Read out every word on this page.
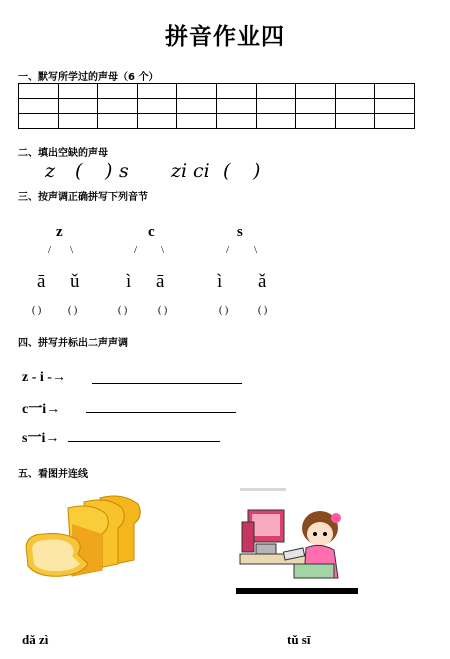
拼音作业四
一、默写所学过的声母（6 个）

二、填出空缺的声母
z ( ) s zi ci ( )
三、按声调正确拼写下列音节
z
/ \
ā ǔ
( )	( )
c
/ \
ì ā
( )	( )
s
/ \
ì ǎ
( )	( )
四、拼写并标出二声声调
z - i -→
c一i→
s一i→
五、看图并连线
dǎ zì	tǔ sī
